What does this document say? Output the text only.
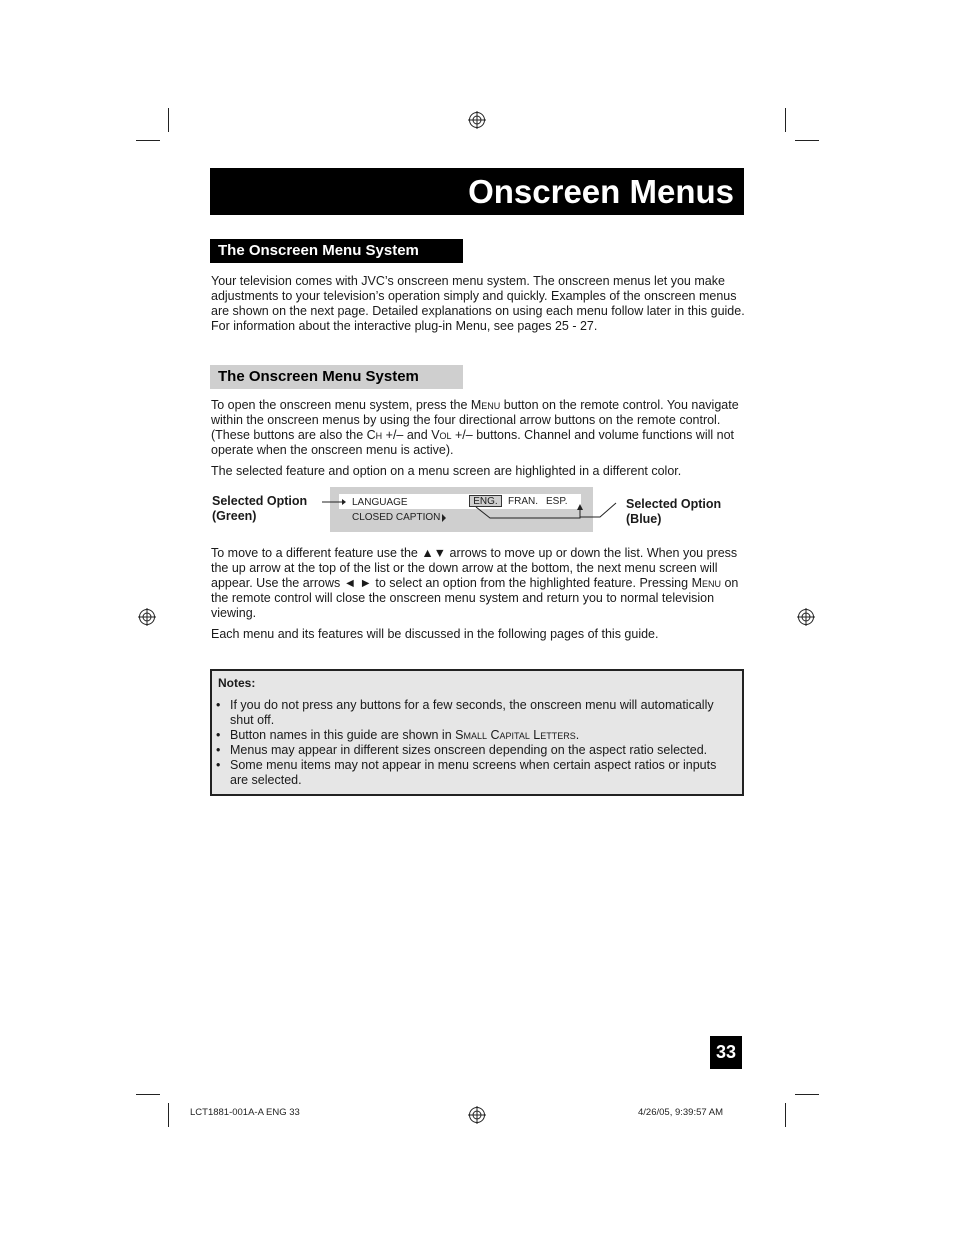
Onscreen Menus
The Onscreen Menu System

Your television comes with JVC’s onscreen menu system. The onscreen menus let you make adjustments to your television’s operation simply and quickly. Examples of the onscreen menus are shown on the next page. Detailed explanations on using each menu follow later in this guide. For information about the interactive plug-in Menu, see pages 25 - 27.

The Onscreen Menu System

To open the onscreen menu system, press the Menu button on the remote control. You navigate within the onscreen menus by using the four directional arrow buttons on the remote control. (These buttons are also the Ch +/– and Vol +/– buttons. Channel and volume functions will not operate when the onscreen menu is active).

The selected feature and option on a menu screen are highlighted in a different color.

Selected Option
(Green)
Selected Option
(Blue)
LANGUAGE
CLOSED CAPTION
ENG.	FRAN. ESP.

To move to a different feature use the ▲▼ arrows to move up or down the list. When you press the up arrow at the top of the list or the down arrow at the bottom, the next menu screen will appear. Use the arrows ◄ ► to select an option from the highlighted feature. Pressing Menu on the remote control will close the onscreen menu system and return you to normal television viewing.

Each menu and its features will be discussed in the following pages of this guide.

Notes:
• If you do not press any buttons for a few seconds, the onscreen menu will automatically shut off.
• Button names in this guide are shown in Small Capital Letters.
• Menus may appear in different sizes onscreen depending on the aspect ratio selected.
• Some menu items may not appear in menu screens when certain aspect ratios or inputs are selected.
33
LCT1881-001A-A ENG 33	4/26/05, 9:39:57 AM
